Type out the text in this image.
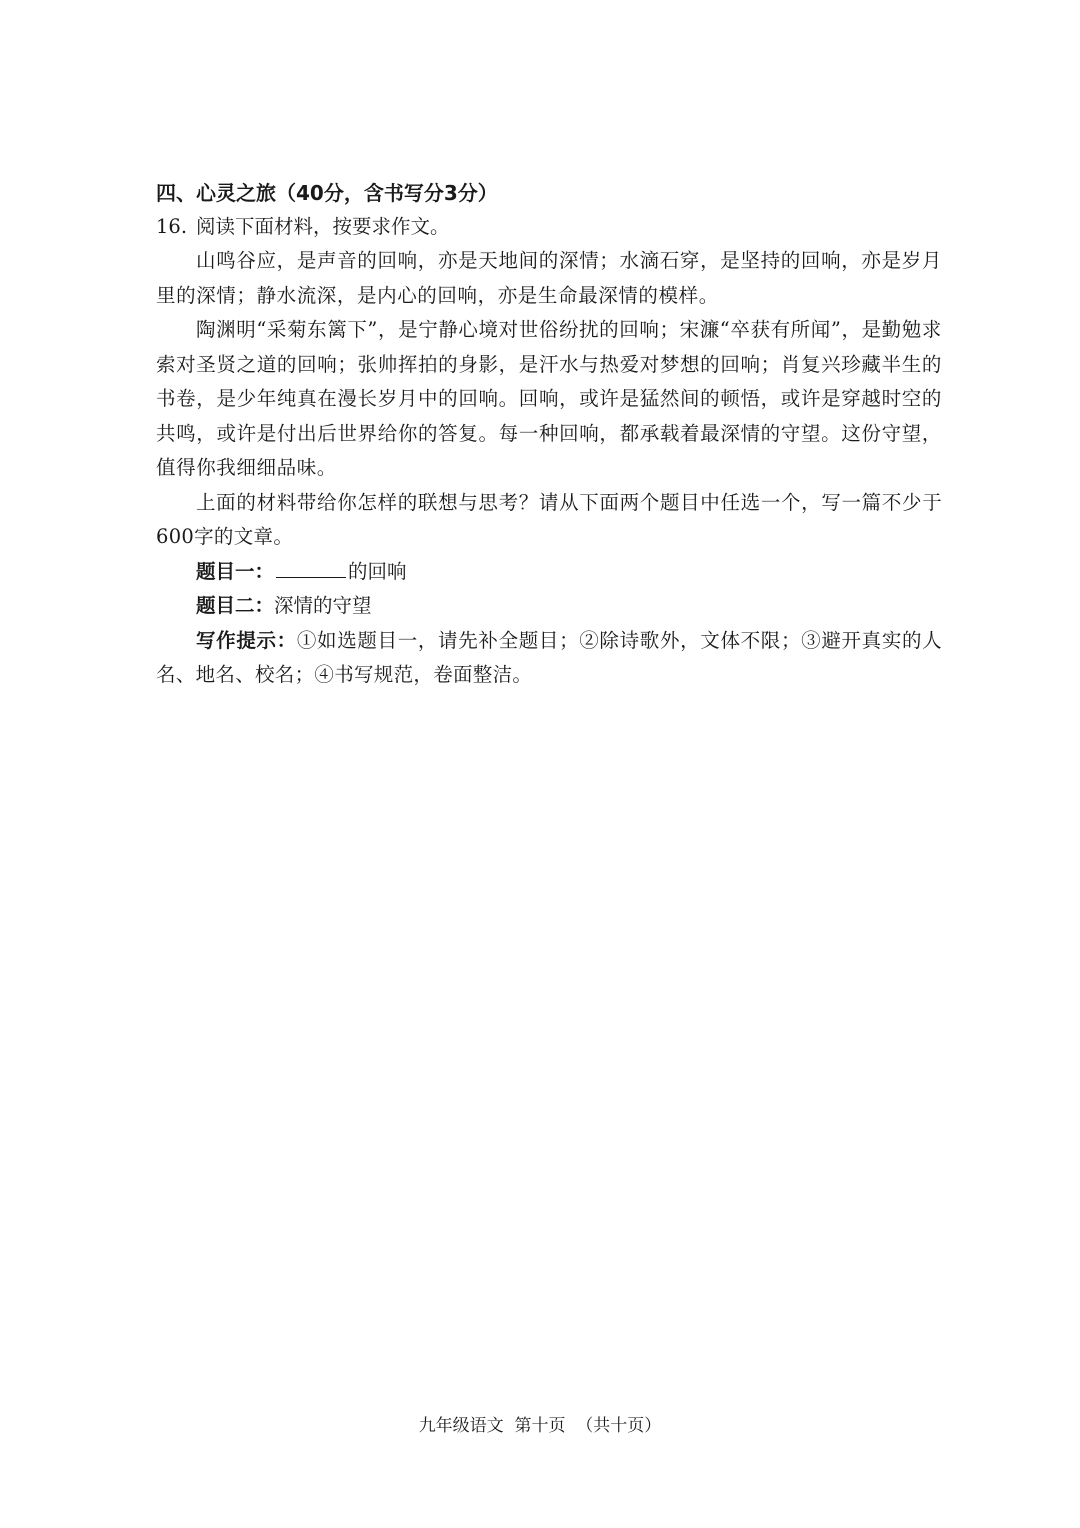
四、心灵之旅（40分，含书写分3分）

16. 阅读下面材料，按要求作文。

山鸣谷应，是声音的回响，亦是天地间的深情；水滴石穿，是坚持的回响，亦是岁月里的深情；静水流深，是内心的回响，亦是生命最深情的模样。

陶渊明“采菊东篱下”，是宁静心境对世俗纷扰的回响；宋濂“卒获有所闻”，是勤勉求索对圣贤之道的回响；张帅挥拍的身影，是汗水与热爱对梦想的回响；肖复兴珍藏半生的书卷，是少年纯真在漫长岁月中的回响。回响，或许是猛然间的顿悟，或许是穿越时空的共鸣，或许是付出后世界给你的答复。每一种回响，都承载着最深情的守望。这份守望，值得你我细细品味。

上面的材料带给你怎样的联想与思考？请从下面两个题目中任选一个，写一篇不少于600字的文章。

题目一：	的回响

题目二：深情的守望

写作提示：①如选题目一，请先补全题目；②除诗歌外，文体不限；③避开真实的人名、地名、校名；④书写规范，卷面整洁。

九年级语文  第十页  （共十页）
